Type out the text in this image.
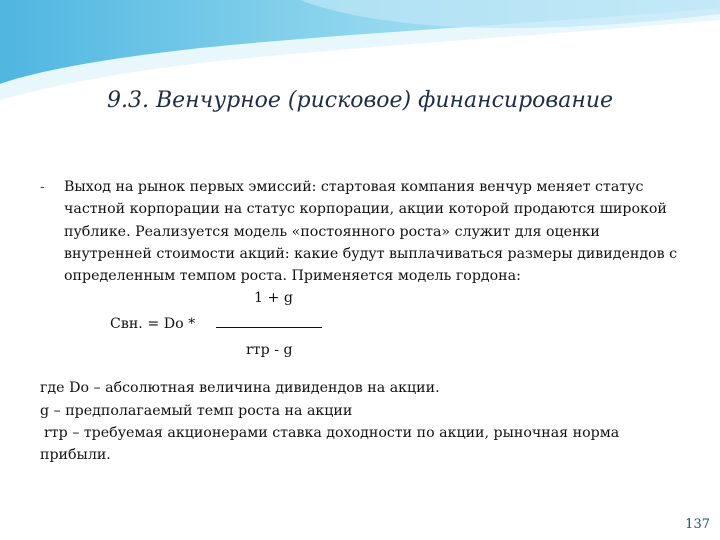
9.3. Венчурное (рисковое) финансирование
- Выход на рынок первых эмиссий: стартовая компания венчур меняет статус частной корпорации на статус корпорации, акции которой продаются широкой публике. Реализуется модель «постоянного роста» служит для оценки внутренней стоимости акций: какие будут выплачиваться размеры дивидендов с определенным темпом роста. Применяется модель гордона:
1 + g
Свн. = Do *
rтр - g
где Do – абсолютная величина дивидендов на акции.
g – предполагаемый темп роста на акции
rтр – требуемая акционерами ставка доходности по акции, рыночная норма прибыли.
137
